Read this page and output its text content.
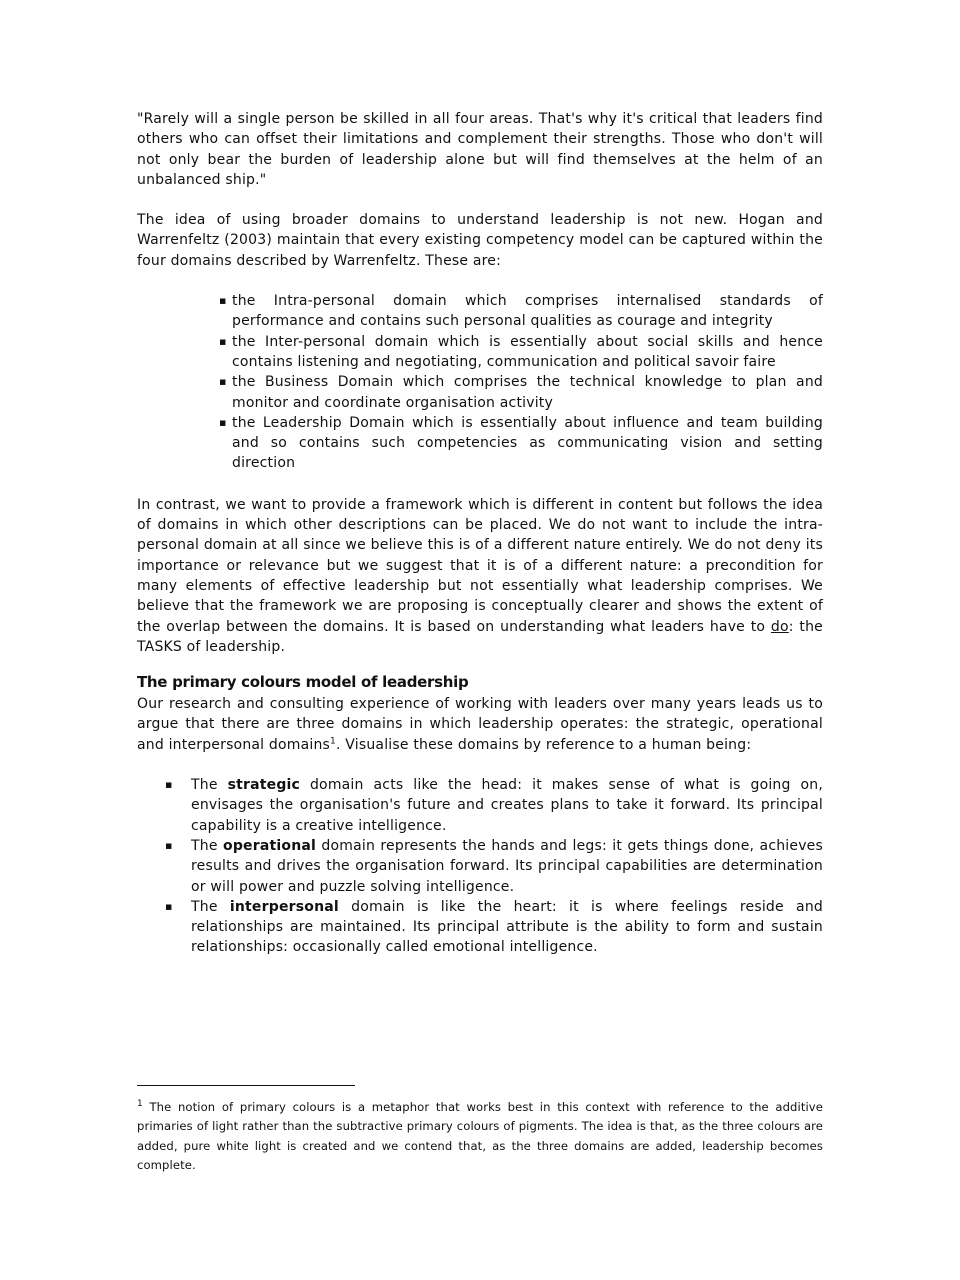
"Rarely will a single person be skilled in all four areas. That's why it's critical that leaders find others who can offset their limitations and complement their strengths. Those who don't will not only bear the burden of leadership alone but will find themselves at the helm of an unbalanced ship."

The idea of using broader domains to understand leadership is not new. Hogan and Warrenfeltz (2003) maintain that every existing competency model can be captured within the four domains described by Warrenfeltz. These are:

▪ the Intra-personal domain which comprises internalised standards of performance and contains such personal qualities as courage and integrity
▪ the Inter-personal domain which is essentially about social skills and hence contains listening and negotiating, communication and political savoir faire
▪ the Business Domain which comprises the technical knowledge to plan and monitor and coordinate organisation activity
▪ the Leadership Domain which is essentially about influence and team building and so contains such competencies as communicating vision and setting direction

In contrast, we want to provide a framework which is different in content but follows the idea of domains in which other descriptions can be placed. We do not want to include the intra-personal domain at all since we believe this is of a different nature entirely. We do not deny its importance or relevance but we suggest that it is of a different nature: a precondition for many elements of effective leadership but not essentially what leadership comprises. We believe that the framework we are proposing is conceptually clearer and shows the extent of the overlap between the domains. It is based on understanding what leaders have to do: the TASKS of leadership.

The primary colours model of leadership

Our research and consulting experience of working with leaders over many years leads us to argue that there are three domains in which leadership operates: the strategic, operational and interpersonal domains$^1$. Visualise these domains by reference to a human being:

▪ The strategic domain acts like the head: it makes sense of what is going on, envisages the organisation's future and creates plans to take it forward. Its principal capability is a creative intelligence.
▪ The operational domain represents the hands and legs: it gets things done, achieves results and drives the organisation forward. Its principal capabilities are determination or will power and puzzle solving intelligence.
▪ The interpersonal domain is like the heart: it is where feelings reside and relationships are maintained. Its principal attribute is the ability to form and sustain relationships: occasionally called emotional intelligence.

$^1$ The notion of primary colours is a metaphor that works best in this context with reference to the additive primaries of light rather than the subtractive primary colours of pigments. The idea is that, as the three colours are added, pure white light is created and we contend that, as the three domains are added, leadership becomes complete.
